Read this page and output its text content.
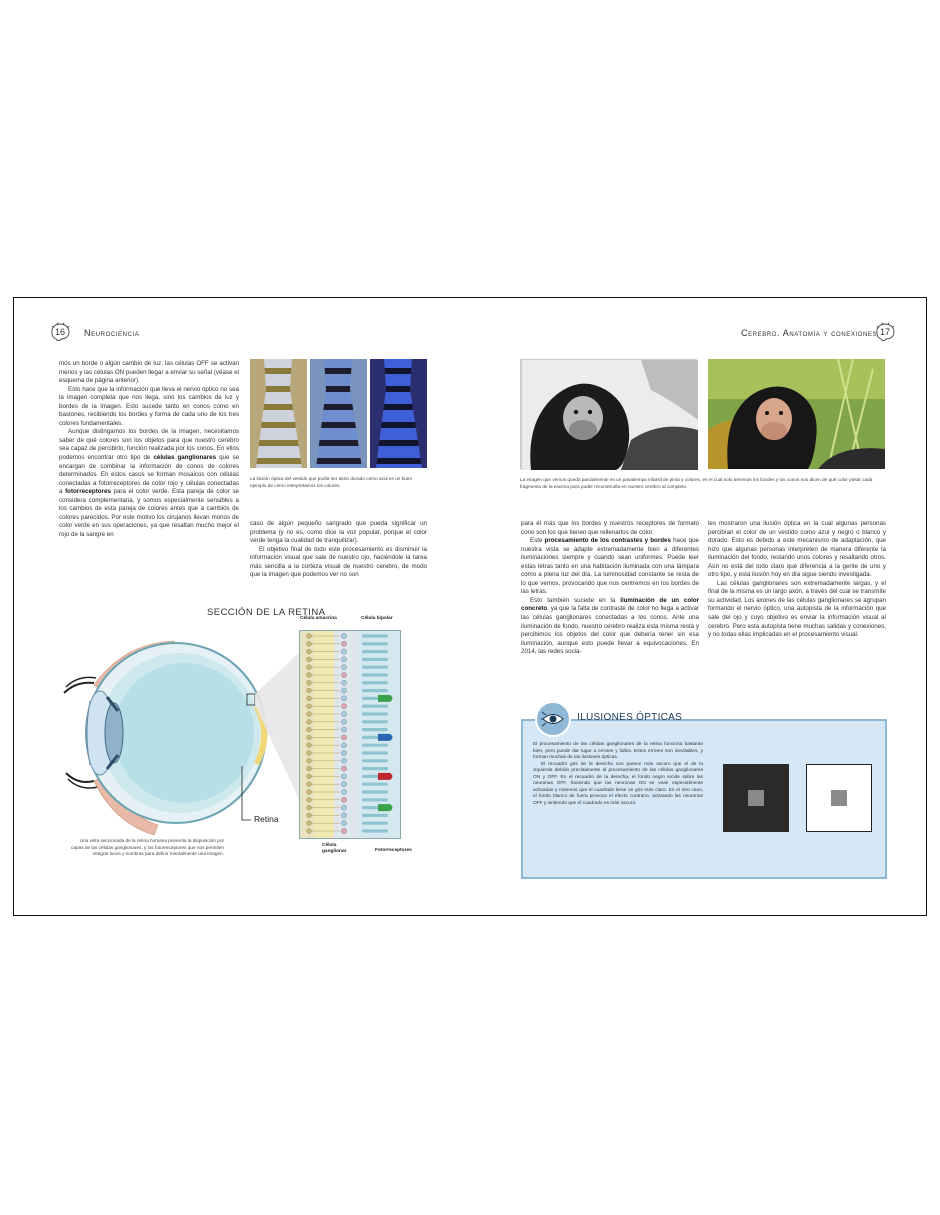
16 Neurociencia

mos un borde o algún cambio de luz, las células OFF se activan menos y las células ON pueden llegar a enviar su señal (véase el esquema de página anterior).

Esto hace que la información que lleva el nervio óptico no sea la imagen completa que nos llega, sino los cambios de luz y bordes de la imagen. Esto sucede tanto en conos como en bastones, recibiendo los bordes y forma de cada uno de los tres colores fundamentales.

Aunque distingamos los bordes de la imagen, necesitamos saber de qué colores son los objetos para que nuestro cerebro sea capaz de percibirlo, función realizada por los conos. En ellos podemos encontrar otro tipo de células ganglionares que se encargan de combinar la información de conos de colores determinados. En estos casos se forman mosaicos con células conectadas a fotorreceptores de color rojo y células conectadas a fotorreceptores para el color verde. Esta pareja de color se considera complementaria, y somos especialmente sensibles a los cambios de esta pareja de colores antes que a cambios de colores parecidos. Por este motivo los cirujanos llevan monos de color verde en sus operaciones, ya que resaltan mucho mejor el rojo de la sangre en

La ilusión óptica del vestido que podía ser tanto dorado como azul es un buen ejemplo de cómo interpretamos los colores.

caso de algún pequeño sangrado que pueda significar un problema (y no es, como dice la voz popular, porque el color verde tenga la cualidad de tranquilizar).

El objetivo final de todo este procesamiento es disminuir la información visual que sale de nuestro ojo, haciéndole la tarea más sencilla a la corteza visual de nuestro cerebro, de modo que la imagen que podemos ver no son

SECCIÓN DE LA RETINA
Retina
Célula amacrina	Célula bipolar
Célula
ganglionar	Fotorreceptores
Una vista seccionada de la retina humana presenta la disposición por capas de las células ganglionares, y los fotorreceptores que nos permiten integrar luces y sombras para definir mentalmente una imagen.
Cerebro. Anatomía y conexiones 17
La imagen que vemos queda parcialmente es un pasatiempo infantil de pinta y colores, en el cual solo tenemos los bordes y los conos nos dicen de qué color pintar cada fragmento de la escena para poder reconstruirla en nuestro cerebro al completo.

para él más que los bordes y nuestros receptores de formato cono son los que tienen que rellenarlos de color.

Este procesamiento de los contrastes y bordes hace que nuestra vista se adapte extremadamente bien a diferentes iluminaciones siempre y cuando sean uniformes. Puede leer estas letras tanto en una habitación iluminada con una lámpara como a plena luz del día. La luminosidad constante se resta de lo que vemos, provocando que nos centremos en los bordes de las letras.

Esto también sucede en la iluminación de un color concreto, ya que la falta de contraste de color no llega a activar las células ganglionares conectadas a los conos. Ante una iluminación de fondo, nuestro cerebro realiza esta misma resta y percibimos los objetos del color que debería tener sin esa iluminación, aunque esto puede llevar a equivocaciones. En 2014, las redes socia-

les mostraron una ilusión óptica en la cual algunas personas percibían el color de un vestido como azul y negro o blanco y dorado. Esto es debido a este mecanismo de adaptación, que hizo que algunas personas interpreten de manera diferente la iluminación del fondo, restando unos colores y resaltando otros. Aún no está del todo claro qué diferencia a la gente de uno y otro tipo, y esta ilusión hoy en día sigue siendo investigada.

Las células ganglionares son extremadamente largas, y el final de la misma es un largo axón, a través del cual se transmite su actividad. Los axones de las células ganglionares se agrupan formando el nervio óptico, una autopista de la información que sale del ojo y cuyo objetivo es enviar la información visual al cerebro. Pero esta autopista tiene muchas salidas y conexiones, y no todas ellas implicadas en el procesamiento visual.

ILUSIONES ÓPTICAS

El procesamiento de las células ganglionares de la retina funciona bastante bien, pero puede dar lugar a errores y fallos. Estos errores son inevitables, y forman muchas de las ilusiones ópticas.

El recuadro gris de la derecha nos parece más oscuro que el de la izquierda debido precisamente al procesamiento de las células ganglionares ON y OFF. En el recuadro de la derecha, el fondo negro incide sobre las neuronas OFF, haciendo que las neuronas ON se vean especialmente activadas y notemos que el cuadrado tiene un gris más claro. En el otro caso, el fondo blanco de fuera provoca el efecto contrario, activando las neuronas OFF y sintiendo que el cuadrado es más oscuro.
